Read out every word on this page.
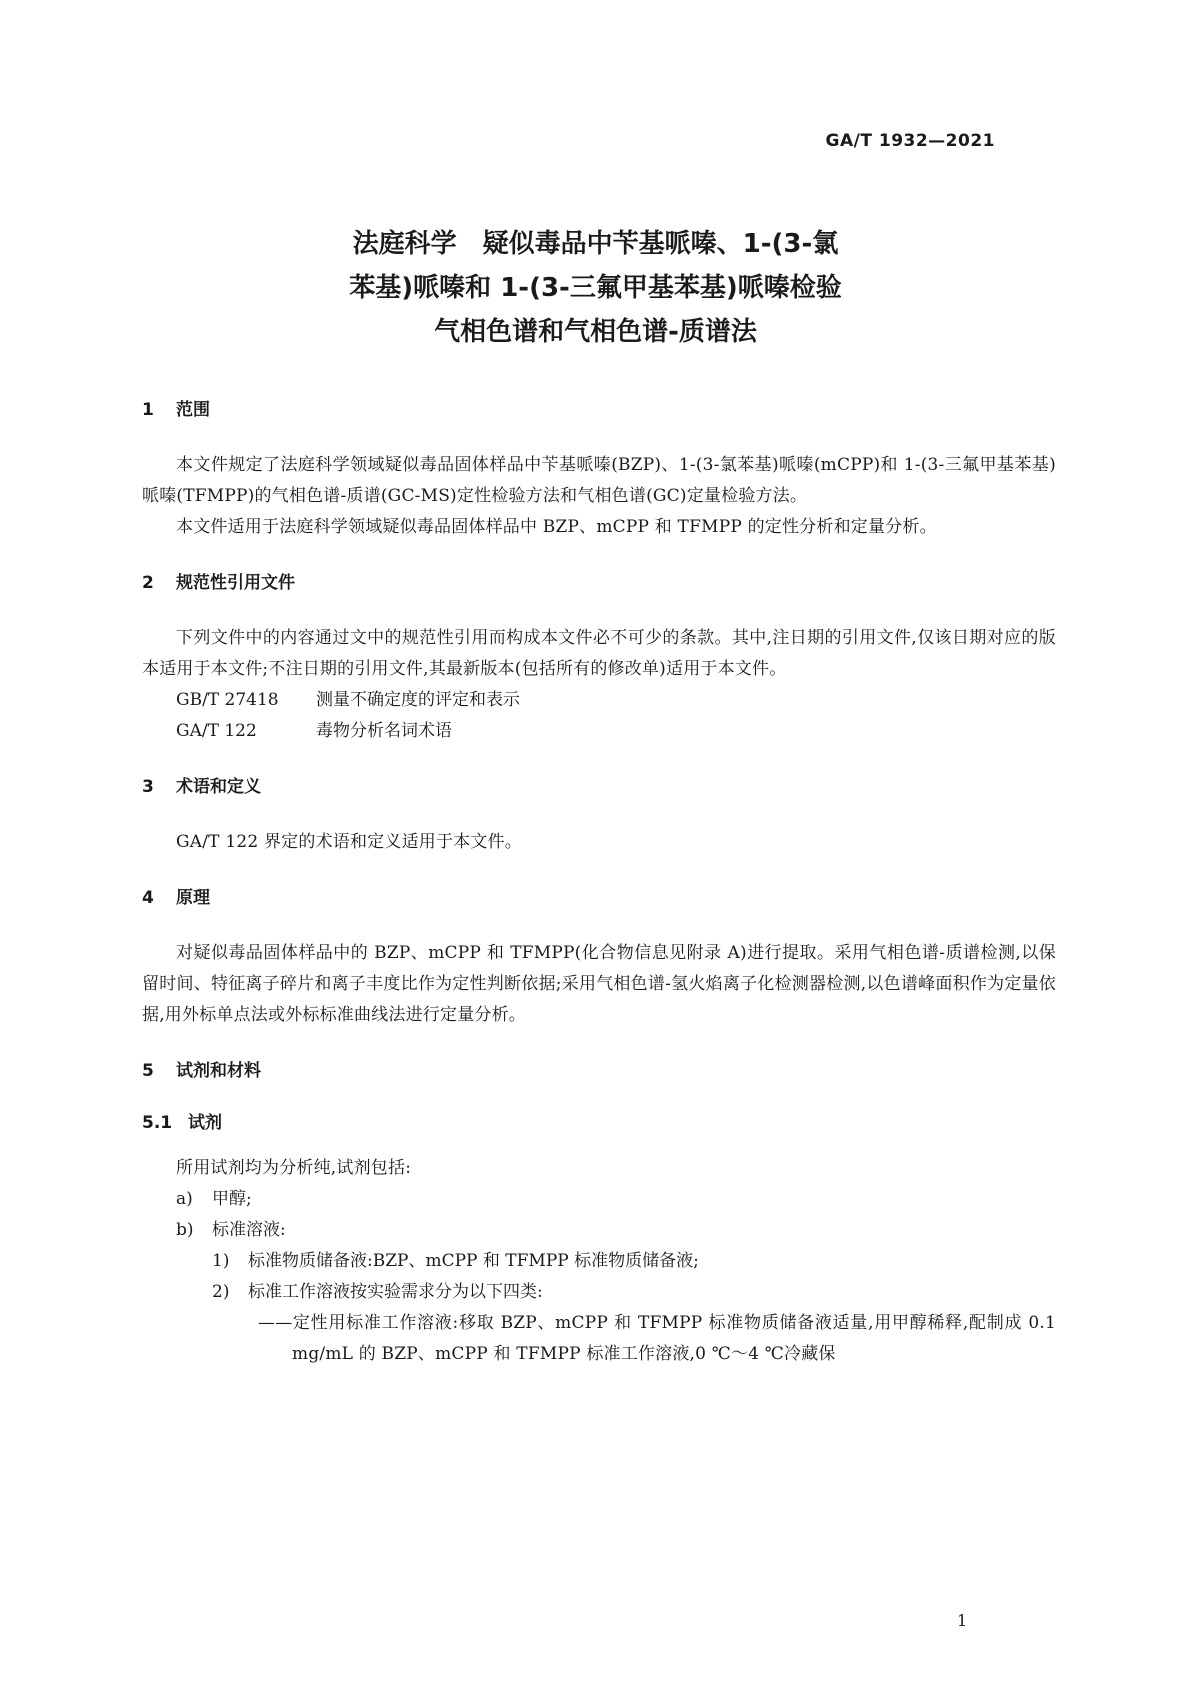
GA/T 1932—2021
法庭科学　疑似毒品中苄基哌嗪、1-(3-氯
苯基)哌嗪和 1-(3-三氟甲基苯基)哌嗪检验
气相色谱和气相色谱-质谱法
1 范围
本文件规定了法庭科学领域疑似毒品固体样品中苄基哌嗪(BZP)、1-(3-氯苯基)哌嗪(mCPP)和 1-(3-三氟甲基苯基)哌嗪(TFMPP)的气相色谱-质谱(GC-MS)定性检验方法和气相色谱(GC)定量检验方法。
本文件适用于法庭科学领域疑似毒品固体样品中 BZP、mCPP 和 TFMPP 的定性分析和定量分析。
2 规范性引用文件
下列文件中的内容通过文中的规范性引用而构成本文件必不可少的条款。其中,注日期的引用文件,仅该日期对应的版本适用于本文件;不注日期的引用文件,其最新版本(包括所有的修改单)适用于本文件。
GB/T 27418 测量不确定度的评定和表示
GA/T 122	毒物分析名词术语
3 术语和定义
GA/T 122 界定的术语和定义适用于本文件。
4 原理
对疑似毒品固体样品中的 BZP、mCPP 和 TFMPP(化合物信息见附录 A)进行提取。采用气相色谱-质谱检测,以保留时间、特征离子碎片和离子丰度比作为定性判断依据;采用气相色谱-氢火焰离子化检测器检测,以色谱峰面积作为定量依据,用外标单点法或外标标准曲线法进行定量分析。
5 试剂和材料
5.1 试剂
所用试剂均为分析纯,试剂包括:
a) 甲醇;
b) 标准溶液:
1) 标准物质储备液:BZP、mCPP 和 TFMPP 标准物质储备液;
2) 标准工作溶液按实验需求分为以下四类:
——定性用标准工作溶液:移取 BZP、mCPP 和 TFMPP 标准物质储备液适量,用甲醇稀释,配制成 0.1 mg/mL 的 BZP、mCPP 和 TFMPP 标准工作溶液,0 ℃～4 ℃冷藏保
1
